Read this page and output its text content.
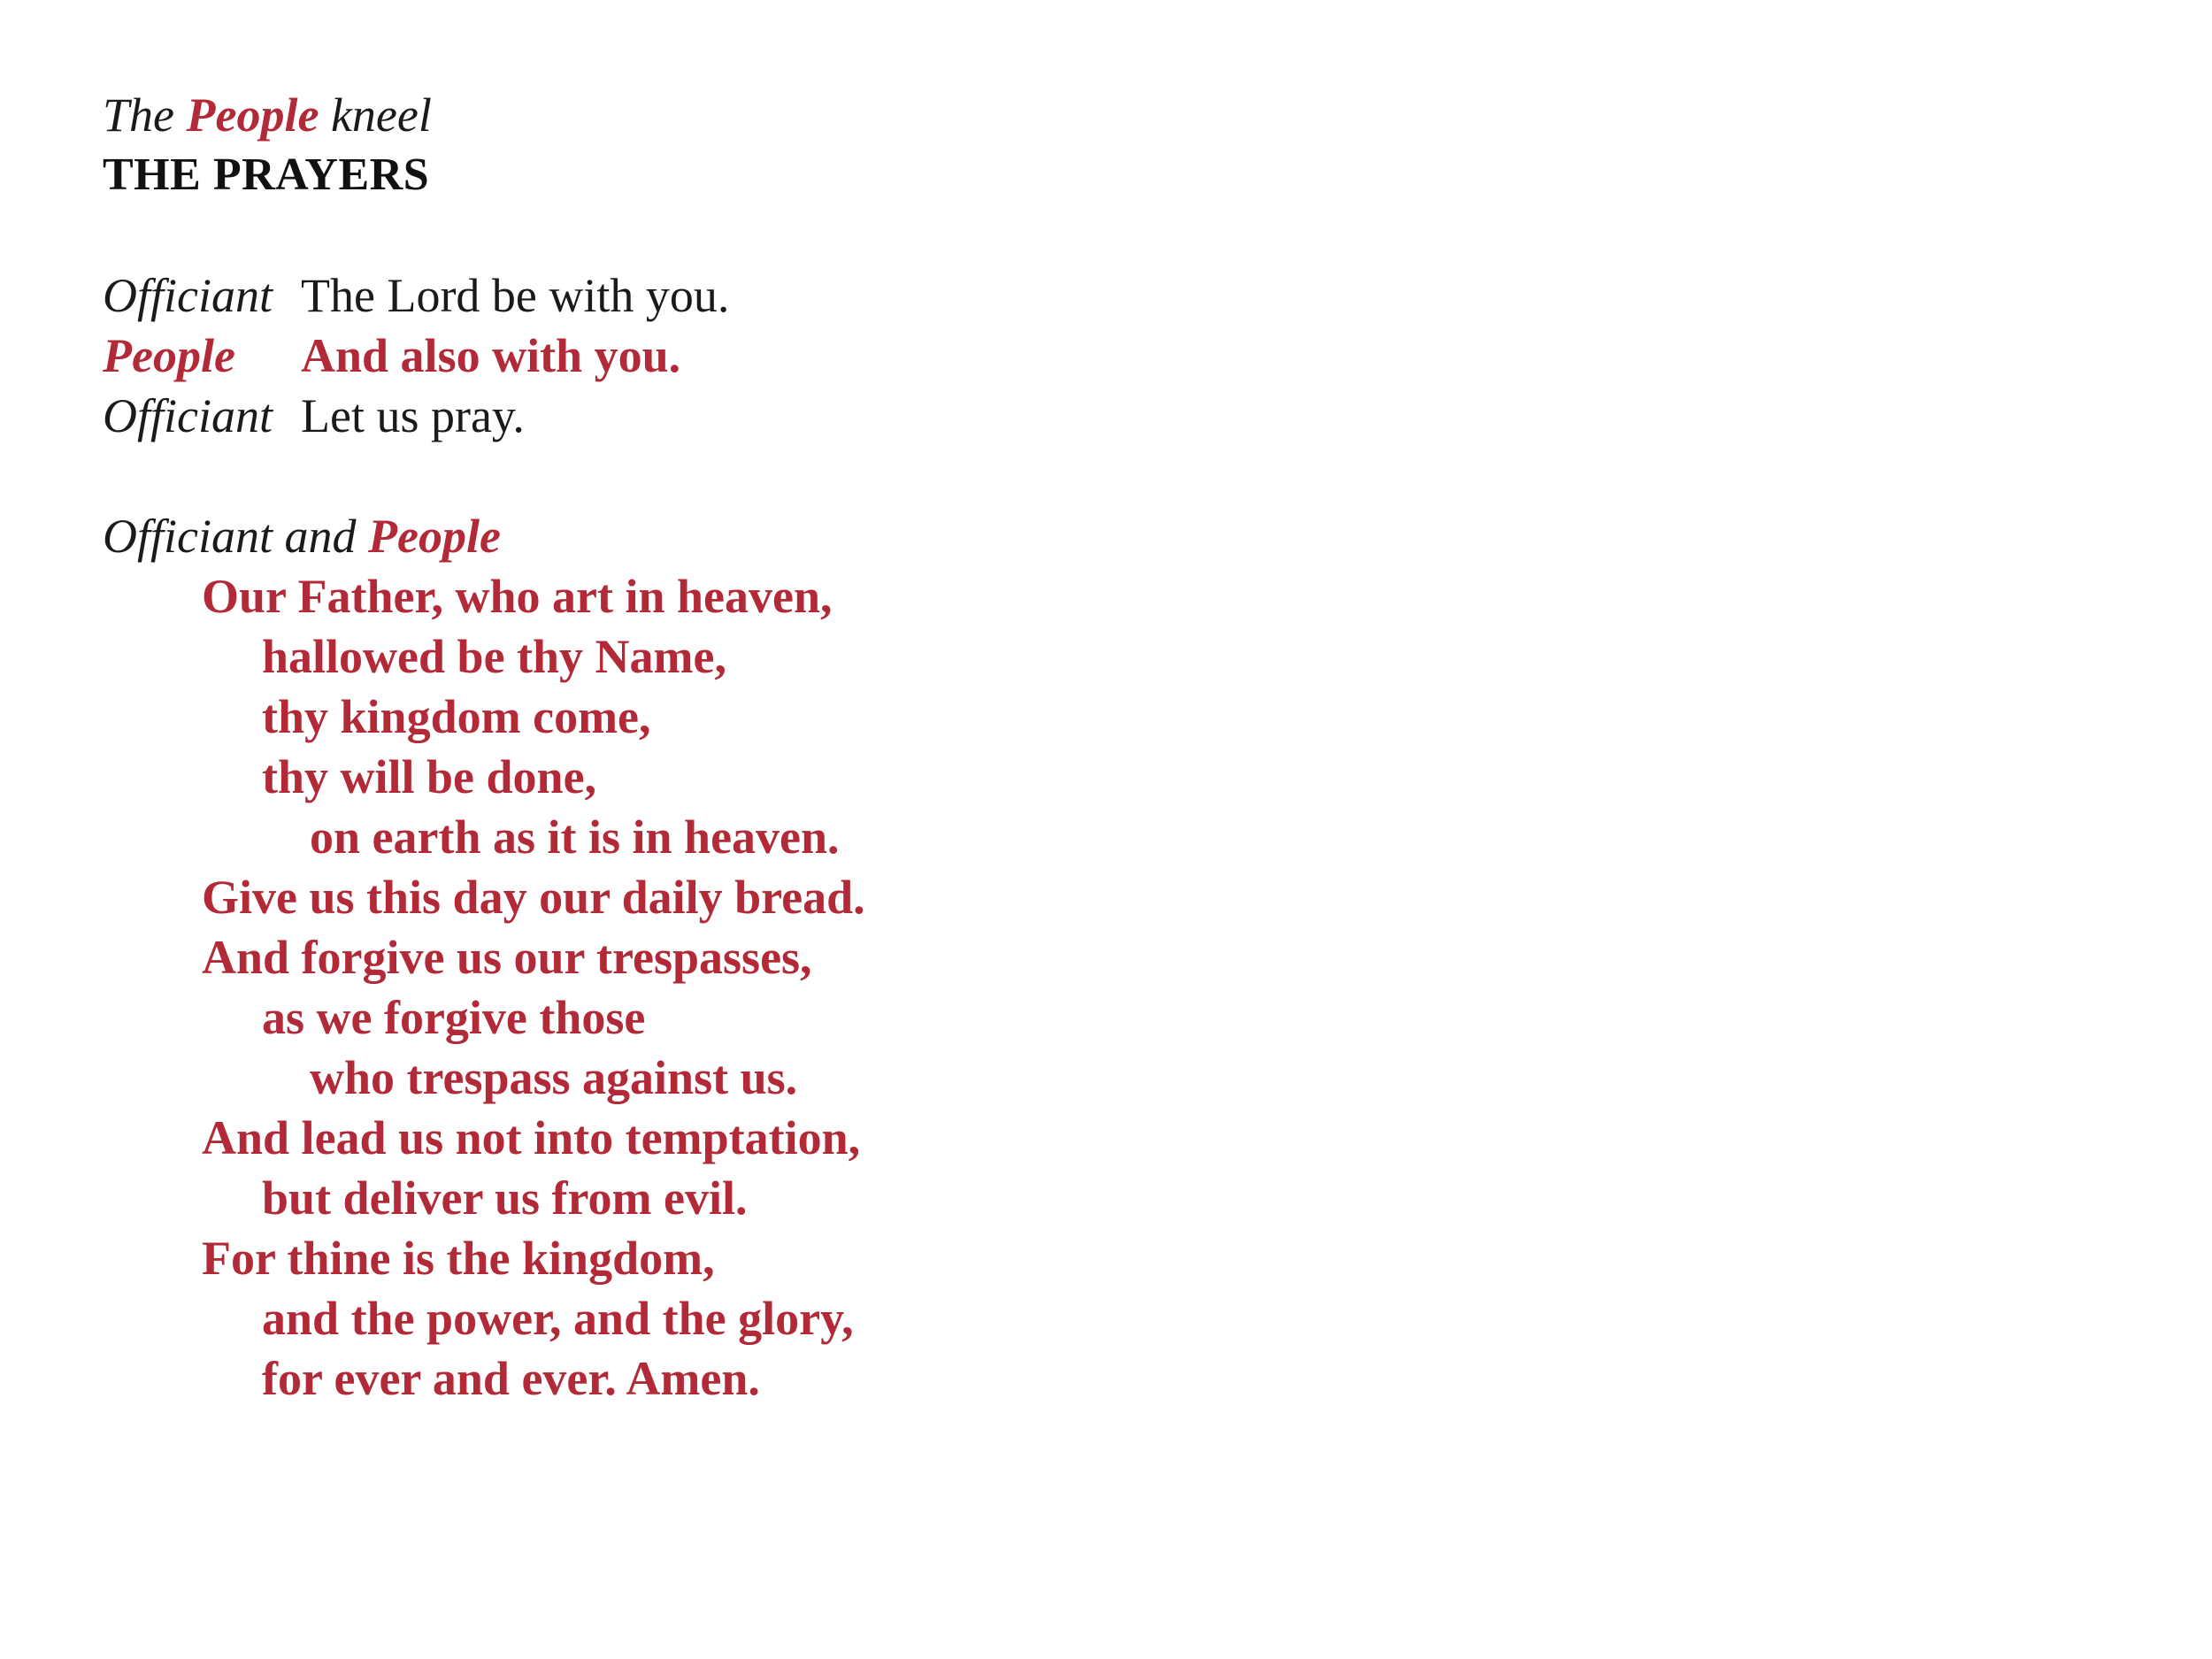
The People kneel
THE PRAYERS
Officiant The Lord be with you.
People	And also with you.
Officiant Let us pray.
Officiant and People
Our Father, who art in heaven,
hallowed be thy Name,
thy kingdom come,
thy will be done,
on earth as it is in heaven.
Give us this day our daily bread.
And forgive us our trespasses,
as we forgive those
who trespass against us.
And lead us not into temptation,
but deliver us from evil.
For thine is the kingdom,
and the power, and the glory,
for ever and ever. Amen.
